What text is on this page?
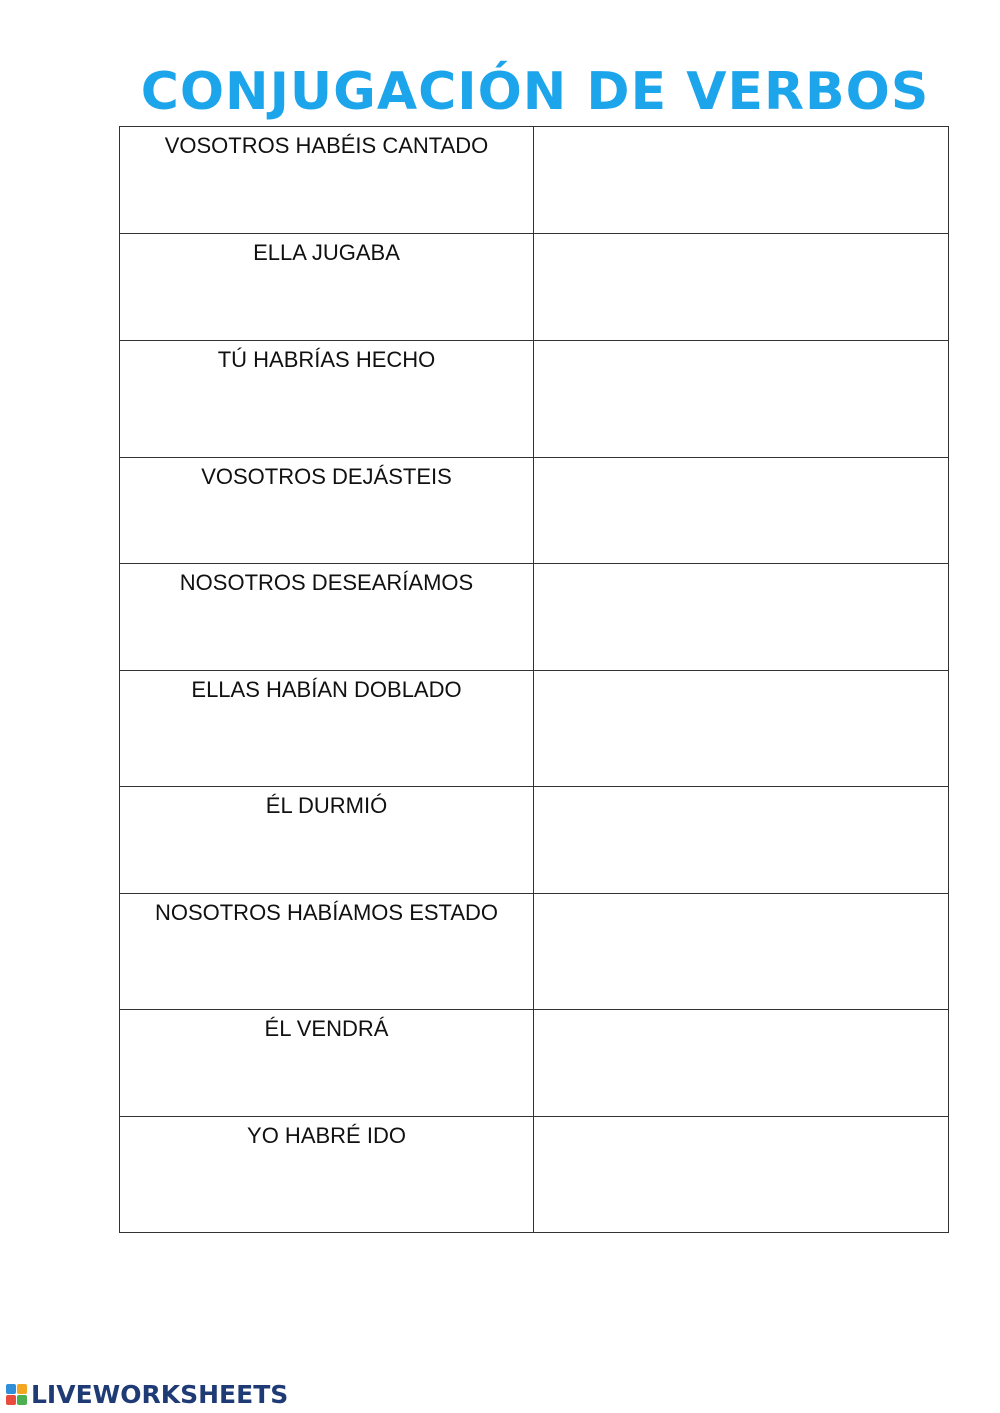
CONJUGACIÓN DE VERBOS
VOSOTROS HABÉIS CANTADO	

ELLA JUGABA	

TÚ HABRÍAS HECHO	

VOSOTROS DEJÁSTEIS	

NOSOTROS DESEARÍAMOS	

ELLAS HABÍAN DOBLADO	

ÉL DURMIÓ	

NOSOTROS HABÍAMOS ESTADO	

ÉL VENDRÁ	

YO HABRÉ IDO	
LIVEWORKSHEETS
